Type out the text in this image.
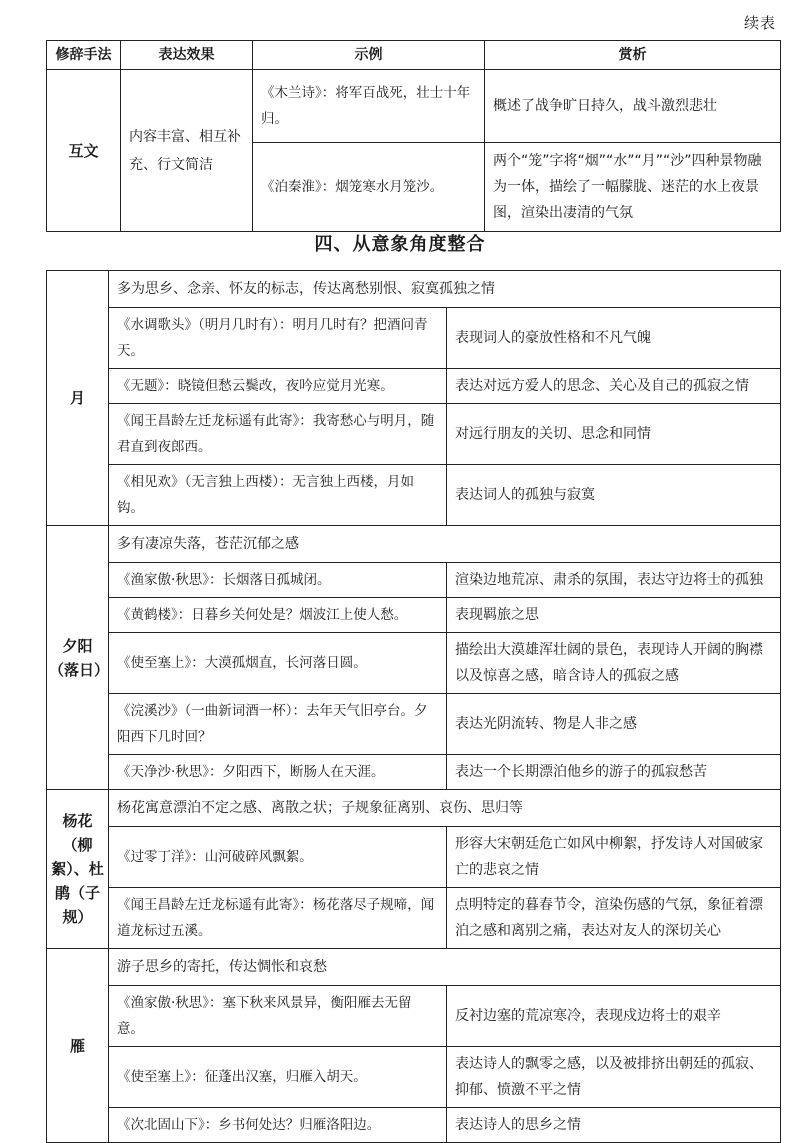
续表
修辞手法	表达效果	示例	赏析
互文	内容丰富、相互补充、行文简洁	《木兰诗》：将军百战死，壮士十年归。	概述了战争旷日持久，战斗激烈悲壮
		《泊秦淮》：烟笼寒水月笼沙。	两个“笼”字将“烟”“水”“月”“沙”四种景物融为一体，描绘了一幅朦胧、迷茫的水上夜景图，渲染出凄清的气氛
四、从意象角度整合
月	多为思乡、念亲、怀友的标志，传达离愁别恨、寂寞孤独之情	
	《水调歌头》（明月几时有）：明月几时有？把酒问青天。	表现词人的豪放性格和不凡气魄
	《无题》：晓镜但愁云鬓改，夜吟应觉月光寒。	表达对远方爱人的思念、关心及自己的孤寂之情
	《闻王昌龄左迁龙标遥有此寄》：我寄愁心与明月，随君直到夜郎西。	对远行朋友的关切、思念和同情
	《相见欢》（无言独上西楼）：无言独上西楼，月如钩。	表达词人的孤独与寂寞
夕阳（落日）	多有凄凉失落，苍茫沉郁之感	
	《渔家傲·秋思》：长烟落日孤城闭。	渲染边地荒凉、肃杀的氛围，表达守边将士的孤独
	《黄鹤楼》：日暮乡关何处是？烟波江上使人愁。	表现羁旅之思
	《使至塞上》：大漠孤烟直，长河落日圆。	描绘出大漠雄浑壮阔的景色，表现诗人开阔的胸襟以及惊喜之感，暗含诗人的孤寂之感
	《浣溪沙》（一曲新词酒一杯）：去年天气旧亭台。夕阳西下几时回？	表达光阴流转、物是人非之感
	《天净沙·秋思》：夕阳西下，断肠人在天涯。	表达一个长期漂泊他乡的游子的孤寂愁苦
杨花（柳絮）、杜鹃（子规）	杨花寓意漂泊不定之感、离散之状；子规象征离别、哀伤、思归等	
	《过零丁洋》：山河破碎风飘絮。	形容大宋朝廷危亡如风中柳絮，抒发诗人对国破家亡的悲哀之情
	《闻王昌龄左迁龙标遥有此寄》：杨花落尽子规啼，闻道龙标过五溪。	点明特定的暮春节令，渲染伤感的气氛，象征着漂泊之感和离别之痛，表达对友人的深切关心
雁	游子思乡的寄托，传达惆怅和哀愁	
	《渔家傲·秋思》：塞下秋来风景异，衡阳雁去无留意。	反衬边塞的荒凉寒冷，表现戍边将士的艰辛
	《使至塞上》：征蓬出汉塞，归雁入胡天。	表达诗人的飘零之感，以及被排挤出朝廷的孤寂、抑郁、愤激不平之情
	《次北固山下》：乡书何处达？归雁洛阳边。	表达诗人的思乡之情
